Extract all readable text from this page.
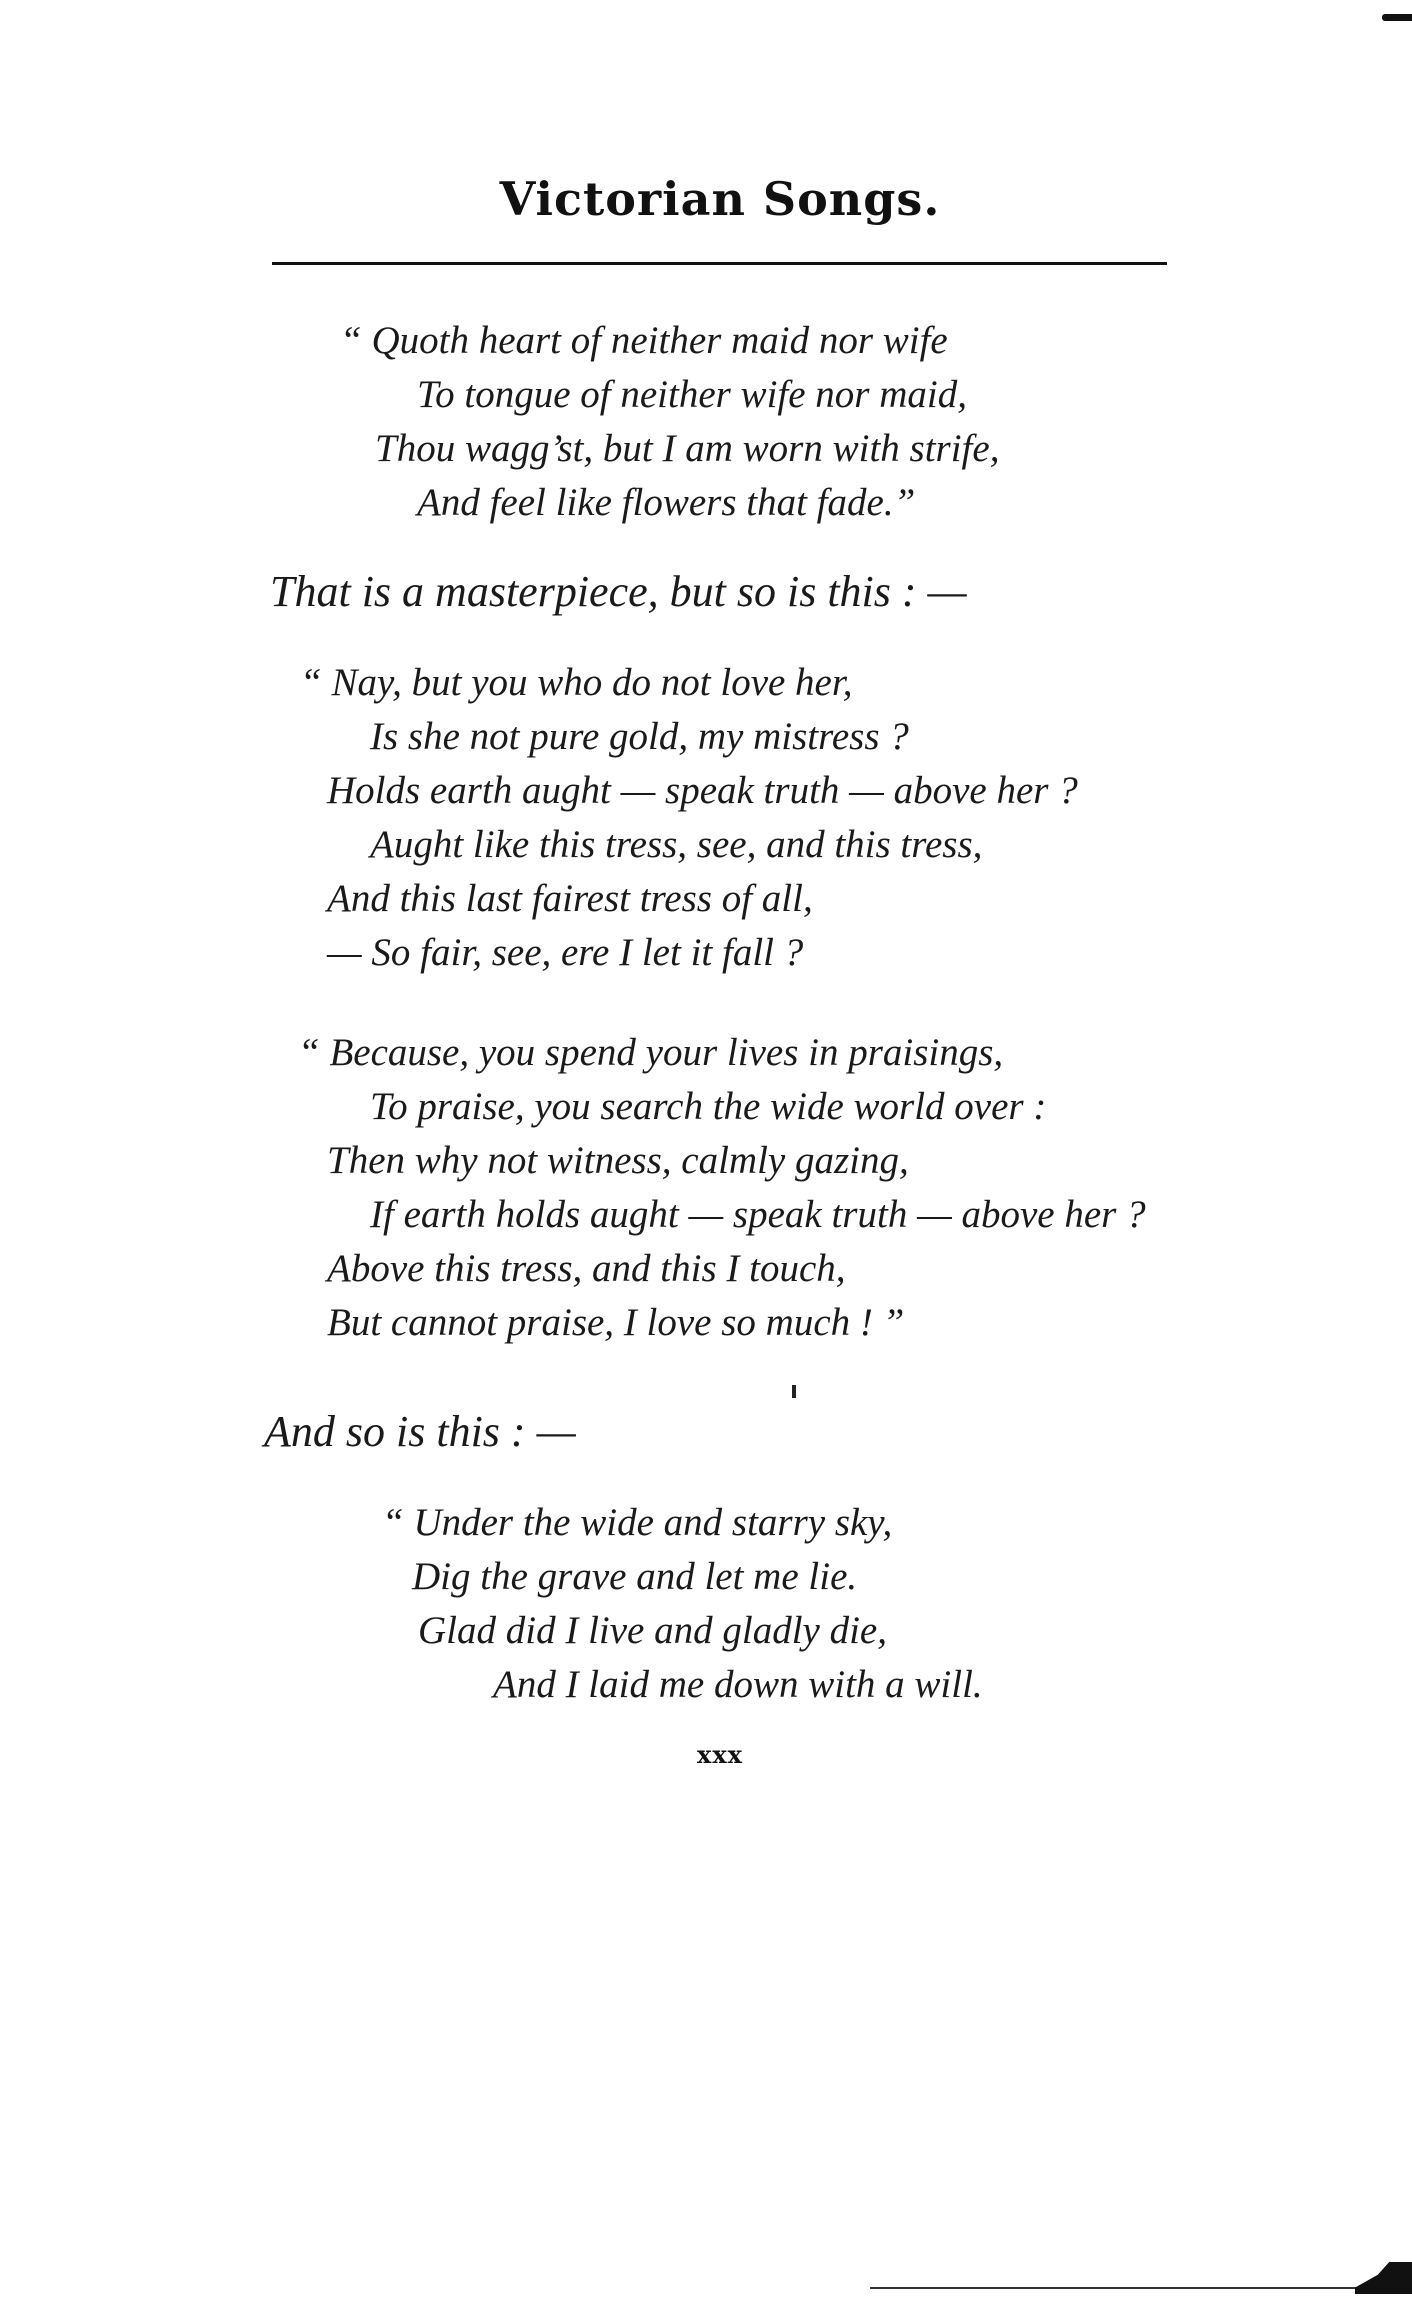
Victorian Songs.
“ Quoth heart of neither maid nor wife
To tongue of neither wife nor maid,
Thou wagg’st, but I am worn with strife,
And feel like flowers that fade.”
That is a masterpiece, but so is this : —
“ Nay, but you who do not love her,
Is she not pure gold, my mistress ?
Holds earth aught — speak truth — above her ?
Aught like this tress, see, and this tress,
And this last fairest tress of all,
— So fair, see, ere I let it fall ?
“ Because, you spend your lives in praisings,
To praise, you search the wide world over :
Then why not witness, calmly gazing,
If earth holds aught — speak truth — above her ?
Above this tress, and this I touch,
But cannot praise, I love so much ! ”
And so is this : —
“ Under the wide and starry sky,
Dig the grave and let me lie.
Glad did I live and gladly die,
And I laid me down with a will.
xxx
